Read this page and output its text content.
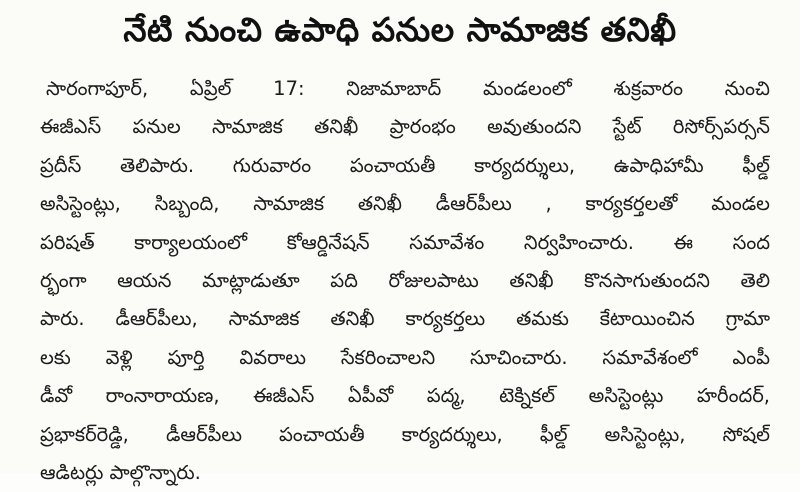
నేటి నుంచి ఉపాధి పనుల సామాజిక తనిఖీ
సారంగాపూర్, ఏప్రిల్ 17: నిజామాబాద్ మండలంలో శుక్రవారం నుంచి
ఈజీఎస్ పనుల సామాజిక తనిఖీ ప్రారంభం అవుతుందని స్టేట్ రిసోర్స్‌పర్సన్
ప్రదీస్ తెలిపారు. గురువారం పంచాయతీ కార్యదర్శులు, ఉపాధిహామీ ఫీల్డ్
అసిస్టెంట్లు, సిబ్బంది, సామాజిక తనిఖీ డీఆర్‌పీలు , కార్యకర్తలతో మండల
పరిషత్ కార్యాలయంలో కోఆర్డినేషన్ సమావేశం నిర్వహించారు. ఈ సంద
ర్భంగా ఆయన మాట్లాడుతూ పది రోజులపాటు తనిఖీ కొనసాగుతుందని తెలి
పారు. డీఆర్‌పీలు, సామాజిక తనిఖీ కార్యకర్తలు తమకు కేటాయించిన గ్రామా
లకు వెళ్లి పూర్తి వివరాలు సేకరించాలని సూచించారు. సమావేశంలో ఎంపీ
డీవో రాంనారాయణ, ఈజీఎస్ ఏపీవో పద్మ, టెక్నికల్ అసిస్టెంట్లు హరీందర్,
ప్రభాకర్‌రెడ్డి, డీఆర్‌పీలు పంచాయతీ కార్యదర్శులు, ఫీల్డ్ అసిస్టెంట్లు, సోషల్
ఆడిటర్లు పాల్గొన్నారు.
